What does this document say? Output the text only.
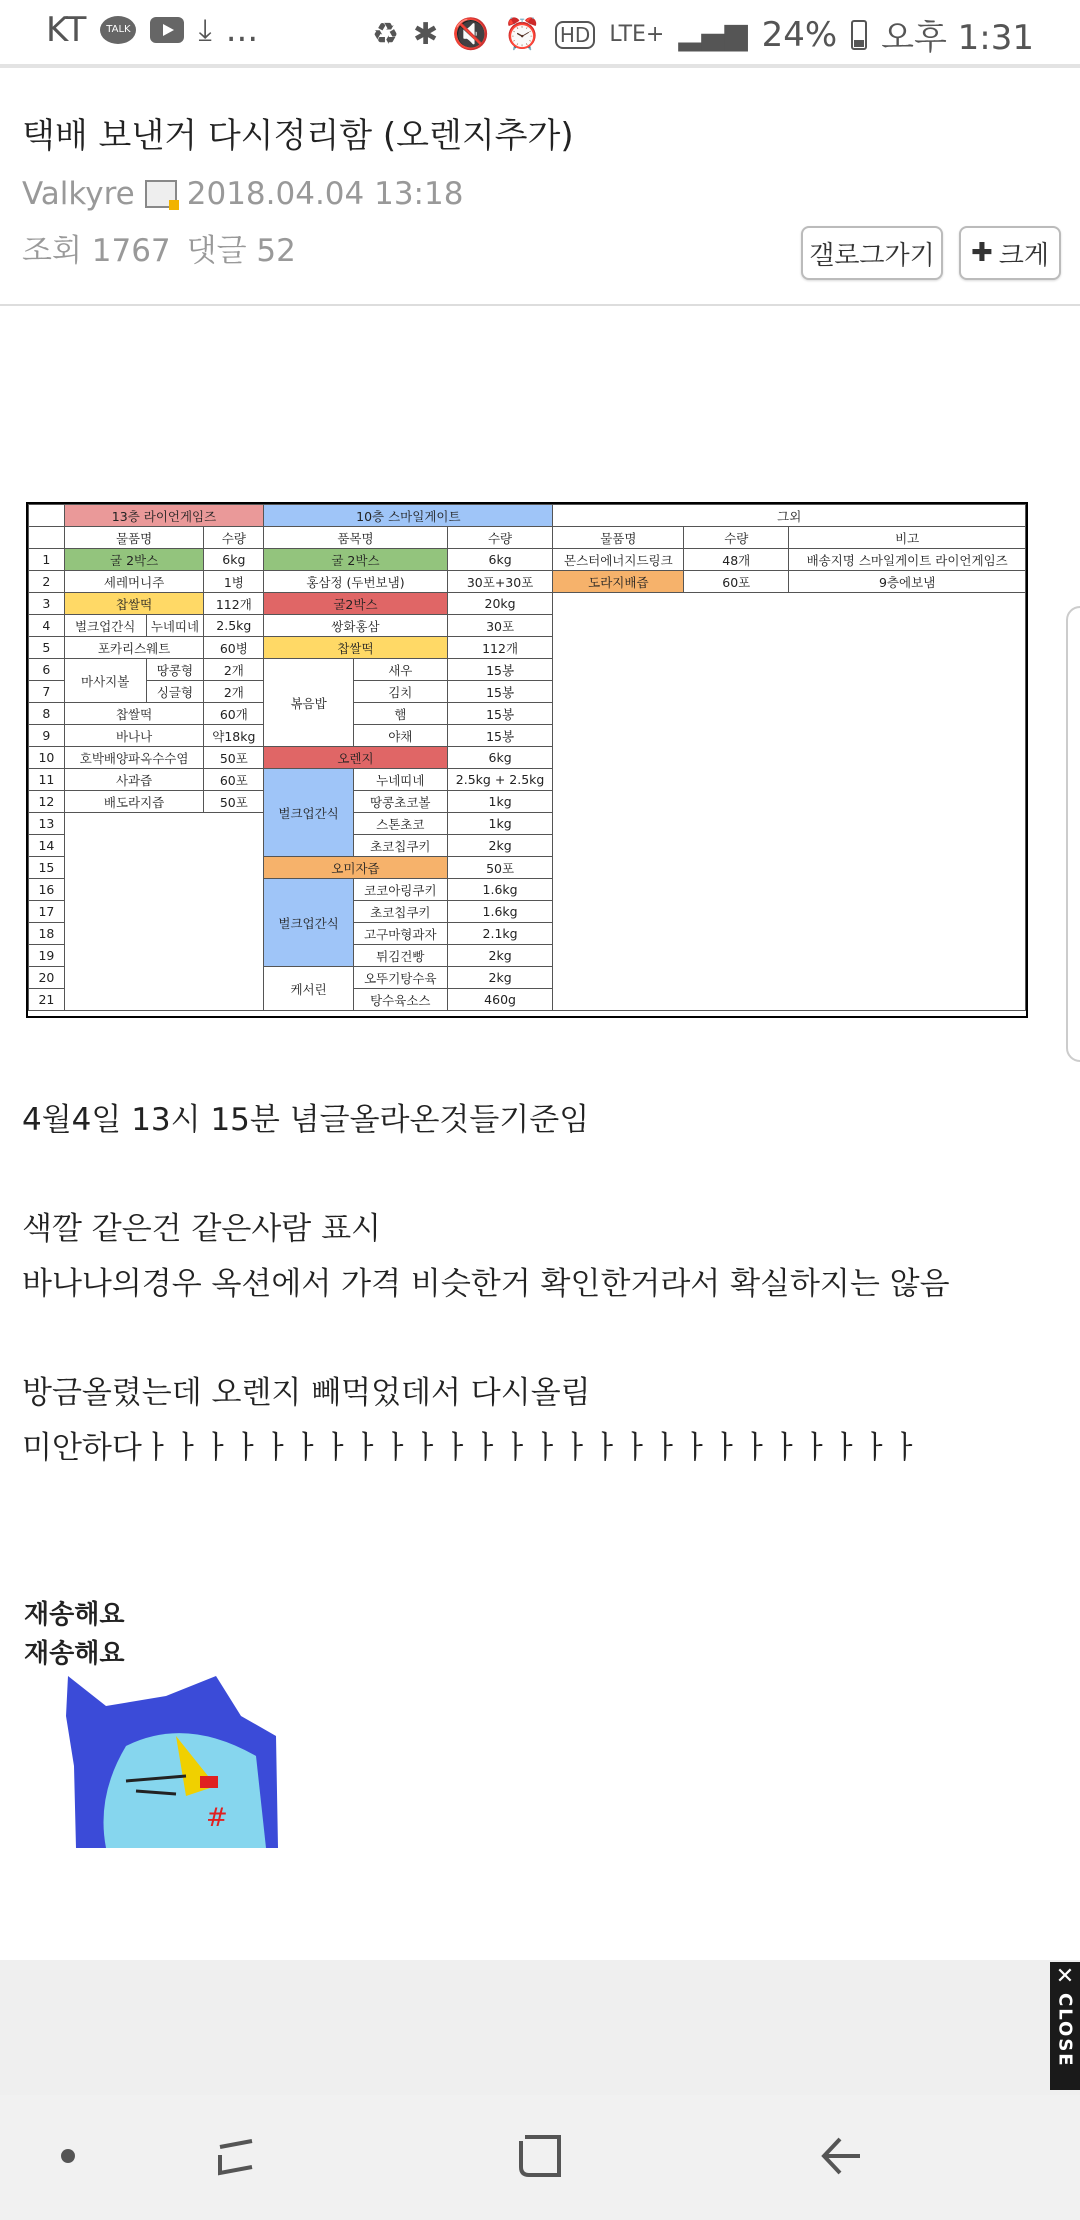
KT	TALK ⤓ ...	♻ ✱ 🔇 ⏰ HD LTE+ ▂▄▆ 24% 오후 1:31
택배 보낸거 다시정리함 (오렌지추가)
Valkyre 2018.04.04 13:18
조회 1767 댓글 52	갤로그가기	✚ 크게
	13층 라이언게임즈			10층 스마일게이트			그외		
	물품명		수량	품목명		수량	물품명	수량	비고
1	굴 2박스		6kg	굴 2박스		6kg	몬스터에너지드링크	48개	배송지명 스마일게이트 라이언게임즈
2	세레머니주		1병	홍삼정 (두번보냄)		30포+30포	도라지배즙	60포	9층에보냄
3	찹쌀떡		112개	굴2박스		20kg			
4	벌크업간식	누네띠네	2.5kg	쌍화홍삼		30포			
5	포카리스웨트		60병	찹쌀떡		112개			
6	마사지볼	땅콩형	2개	볶음밥	새우	15봉			
7		싱글형	2개		김치	15봉			
8	찹쌀떡		60개		햄	15봉			
9	바나나		약18kg		야채	15봉			
10	호박배양파옥수수염		50포	오렌지		6kg			
11	사과즙		60포	벌크업간식	누네띠네	2.5kg + 2.5kg			
12	배도라지즙		50포		땅콩초코볼	1kg			
13					스톤초코	1kg			
14					초코칩쿠키	2kg			
15				오미자즙		50포			
16				벌크업간식	코코아링쿠키	1.6kg			
17					초코칩쿠키	1.6kg			
18					고구마형과자	2.1kg			
19					튀김건빵	2kg			
20				케서린	오뚜기탕수육	2kg			
21					탕수육소스	460g			
4월4일 13시 15분 념글올라온것들기준임
색깔 같은건 같은사람 표시
바나나의경우 옥션에서 가격 비슷한거 확인한거라서 확실하지는 않음
방금올렸는데 오렌지 빼먹었데서 다시올림
미안하다ㅏㅏㅏㅏㅏㅏㅏㅏㅏㅏㅏㅏㅏㅏㅏㅏㅏㅏㅏㅏㅏㅏㅏㅏㅏㅏ
재송해요
재송해요
#
✕
CLOSE
